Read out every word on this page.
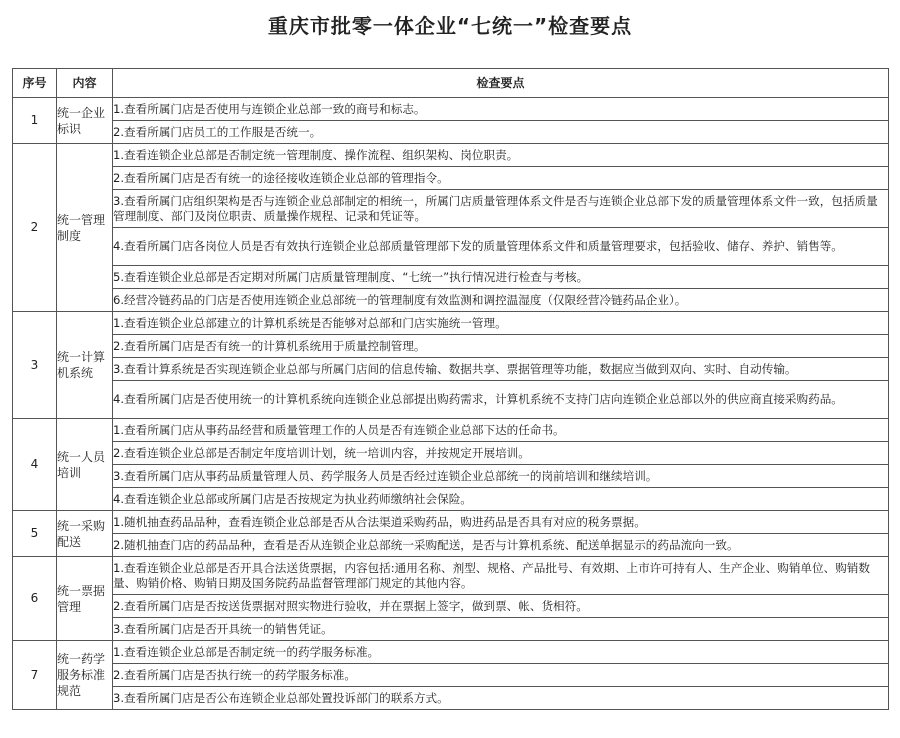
重庆市批零一体企业“七统一”检查要点
序号	内容	检查要点
1	统一企业标识	1.查看所属门店是否使用与连锁企业总部一致的商号和标志。
		2.查看所属门店员工的工作服是否统一。
2	统一管理制度	1.查看连锁企业总部是否制定统一管理制度、操作流程、组织架构、岗位职责。
		2.查看所属门店是否有统一的途径接收连锁企业总部的管理指令。
		3.查看所属门店组织架构是否与连锁企业总部制定的相统一，所属门店质量管理体系文件是否与连锁企业总部下发的质量管理体系文件一致，包括质量管理制度、部门及岗位职责、质量操作规程、记录和凭证等。
		4.查看所属门店各岗位人员是否有效执行连锁企业总部质量管理部下发的质量管理体系文件和质量管理要求，包括验收、储存、养护、销售等。
		5.查看连锁企业总部是否定期对所属门店质量管理制度、“七统一”执行情况进行检查与考核。
		6.经营冷链药品的门店是否使用连锁企业总部统一的管理制度有效监测和调控温湿度（仅限经营冷链药品企业）。
3	统一计算机系统	1.查看连锁企业总部建立的计算机系统是否能够对总部和门店实施统一管理。
		2.查看所属门店是否有统一的计算机系统用于质量控制管理。
		3.查看计算系统是否实现连锁企业总部与所属门店间的信息传输、数据共享、票据管理等功能，数据应当做到双向、实时、自动传输。
		4.查看所属门店是否使用统一的计算机系统向连锁企业总部提出购药需求，计算机系统不支持门店向连锁企业总部以外的供应商直接采购药品。
4	统一人员培训	1.查看所属门店从事药品经营和质量管理工作的人员是否有连锁企业总部下达的任命书。
		2.查看连锁企业总部是否制定年度培训计划，统一培训内容，并按规定开展培训。
		3.查看所属门店从事药品质量管理人员、药学服务人员是否经过连锁企业总部统一的岗前培训和继续培训。
		4.查看连锁企业总部或所属门店是否按规定为执业药师缴纳社会保险。
5	统一采购配送	1.随机抽查药品品种，查看连锁企业总部是否从合法渠道采购药品，购进药品是否具有对应的税务票据。
		2.随机抽查门店的药品品种，查看是否从连锁企业总部统一采购配送，是否与计算机系统、配送单据显示的药品流向一致。
6	统一票据管理	1.查看连锁企业总部是否开具合法送货票据，内容包括:通用名称、剂型、规格、产品批号、有效期、上市许可持有人、生产企业、购销单位、购销数量、购销价格、购销日期及国务院药品监督管理部门规定的其他内容。
		2.查看所属门店是否按送货票据对照实物进行验收，并在票据上签字，做到票、帐、货相符。
		3.查看所属门店是否开具统一的销售凭证。
7	统一药学服务标准规范	1.查看连锁企业总部是否制定统一的药学服务标准。
		2.查看所属门店是否执行统一的药学服务标准。
		3.查看所属门店是否公布连锁企业总部处置投诉部门的联系方式。
